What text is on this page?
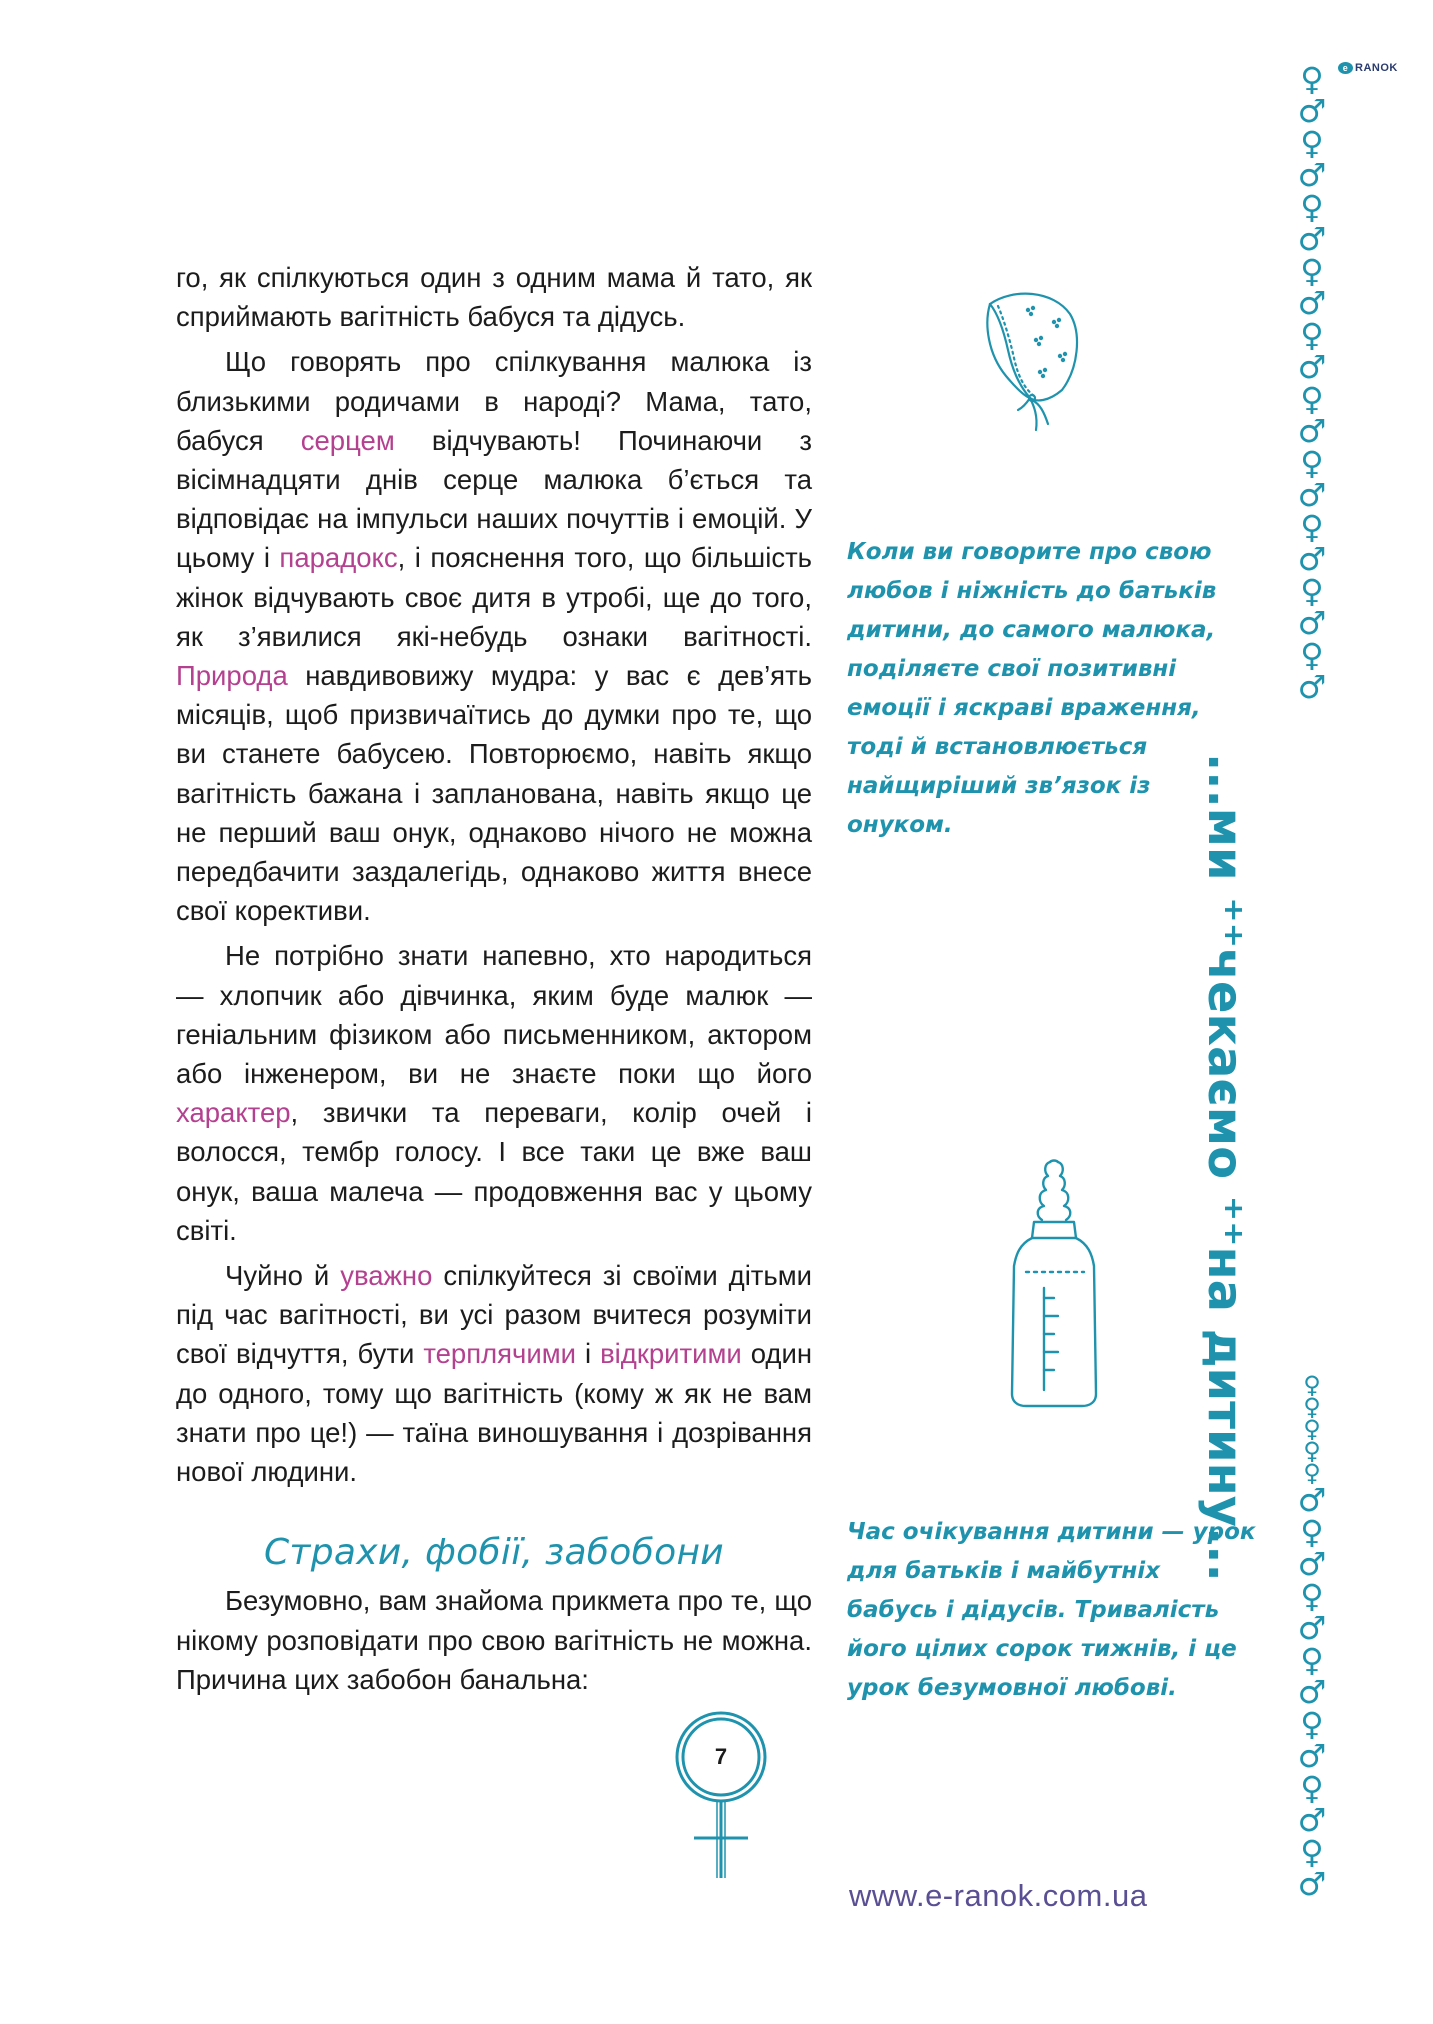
e RANOK

го, як спілкуються один з одним мама й тато, як сприймають вагітність бабуся та дідусь.

Що говорять про спілкування малюка із близькими родичами в народі? Мама, тато, бабуся серцем відчувають! Починаючи з вісімнадцяти днів серце малюка б’ється та відповідає на імпульси наших почуттів і емоцій. У цьому і парадокс, і пояснення того, що більшість жінок відчувають своє дитя в утробі, ще до того, як з’явилися які-небудь ознаки вагітності. Природа навдивовижу мудра: у вас є дев’ять місяців, щоб призвичаїтись до думки про те, що ви станете бабусею. Повторюємо, навіть якщо вагітність бажана і запланована, навіть якщо це не перший ваш онук, однаково нічого не можна передбачити заздалегідь, однаково життя внесе свої корективи.

Не потрібно знати напевно, хто народиться — хлопчик або дівчинка, яким буде малюк — геніальним фізиком або письменником, актором або інженером, ви не знаєте поки що його характер, звички та переваги, колір очей і волосся, тембр голосу. І все таки це вже ваш онук, ваша малеча — продовження вас у цьому світі.

Чуйно й уважно спілкуйтеся зі своїми дітьми під час вагітності, ви усі разом вчитеся розуміти свої відчуття, бути терплячими і відкритими один до одного, тому що вагітність (кому ж як не вам знати про це!) — таїна виношування і дозрівання нової людини.

Страхи, фобії, забобони

Безумовно, вам знайома прикмета про те, що нікому розповідати про свою вагітність не можна. Причина цих забобон банальна:

Коли ви говорите про свою любов і ніжність до батьків дитини, до самого малюка, поділяєте свої позитивні емоції і яскраві враження, тоді й встановлюється найщиріший зв’язок із онуком.
Час очікування дитини — урок для батьків і майбутніх бабусь і дідусів. Тривалість його цілих сорок тижнів, і це урок безумовної любові.
7
www.e-ranok.com.ua
♀
♂
♀
♂
♀
♂
♀
♂
♀
♂
♀
♂
♀
♂
♀
♂
♀
♂
♀
♂
...ми ⁺⁺чекаємо ⁺⁺на дитину...	♀
♀
♀
♀
♀
♂
♀
♂
♀
♂
♀
♂
♀
♂
♀
♂
♀
♂
